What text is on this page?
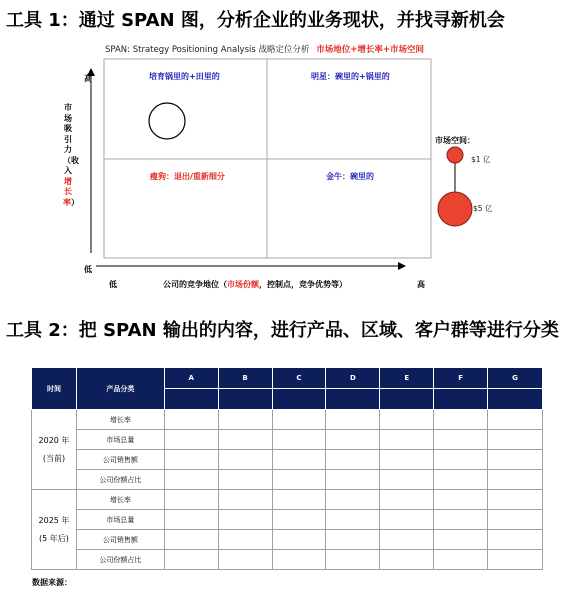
工具 1：通过 SPAN 图，分析企业的业务现状，并找寻新机会
SPAN: Strategy Positioning Analysis 战略定位分析 市场地位+增长率+市场空间
培育锅里的+田里的	明星：碗里的+锅里的
瘦狗：退出/重新细分	金牛：碗里的
高
低
低	高
市场吸引力（收入增长率）
公司的竞争地位（市场份额，控制点，竞争优势等）
市场空间：
$1 亿
$5 亿
工具 2：把 SPAN 输出的内容，进行产品、区域、客户群等进行分类
时间	产品分类	A	B	C	D	E	F	G

2020 年
(当前)	增长率							
	市场总量							
	公司销售额							
	公司份额占比							

2025 年
(5 年后)	增长率							
	市场总量							
	公司销售额							
	公司份额占比							
数据来源：
